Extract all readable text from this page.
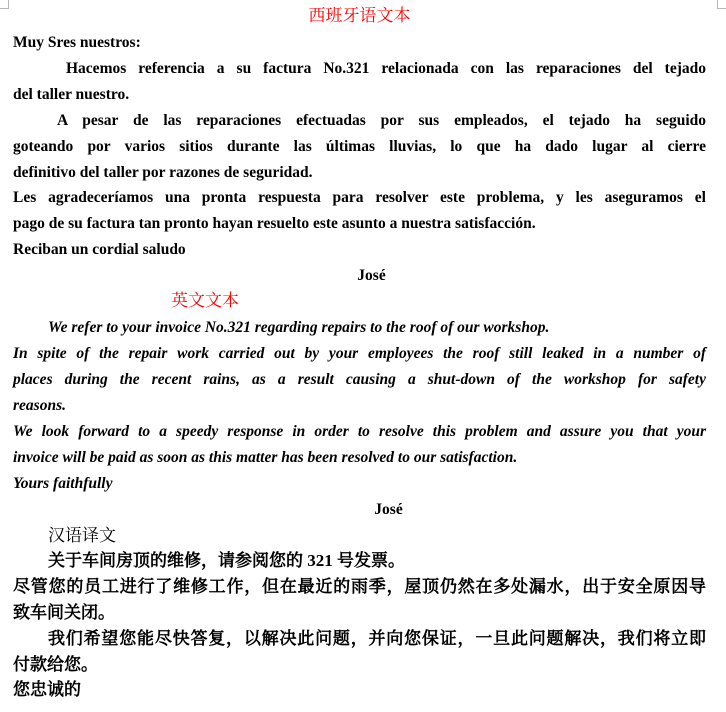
西班牙语文本
Muy Sres nuestros:
Hacemos referencia a su factura No.321 relacionada con las reparaciones del tejado
del taller nuestro.
A pesar de las reparaciones efectuadas por sus empleados, el tejado ha seguido
goteando por varios sitios durante las últimas lluvias, lo que ha dado lugar al cierre
definitivo del taller por razones de seguridad.
Les agradeceríamos una pronta respuesta para resolver este problema, y les aseguramos el
pago de su factura tan pronto hayan resuelto este asunto a nuestra satisfacción.
Reciban un cordial saludo
José
英文文本
We refer to your invoice No.321 regarding repairs to the roof of our workshop.
In spite of the repair work carried out by your employees the roof still leaked in a number of
places during the recent rains, as a result causing a shut-down of the workshop for safety
reasons.
We look forward to a speedy response in order to resolve this problem and assure you that your
invoice will be paid as soon as this matter has been resolved to our satisfaction.
Yours faithfully
José
汉语译文
关于车间房顶的维修，请参阅您的 321 号发票。
尽管您的员工进行了维修工作，但在最近的雨季，屋顶仍然在多处漏水，出于安全原因导
致车间关闭。
我们希望您能尽快答复，以解决此问题，并向您保证，一旦此问题解决，我们将立即
付款给您。
您忠诚的
